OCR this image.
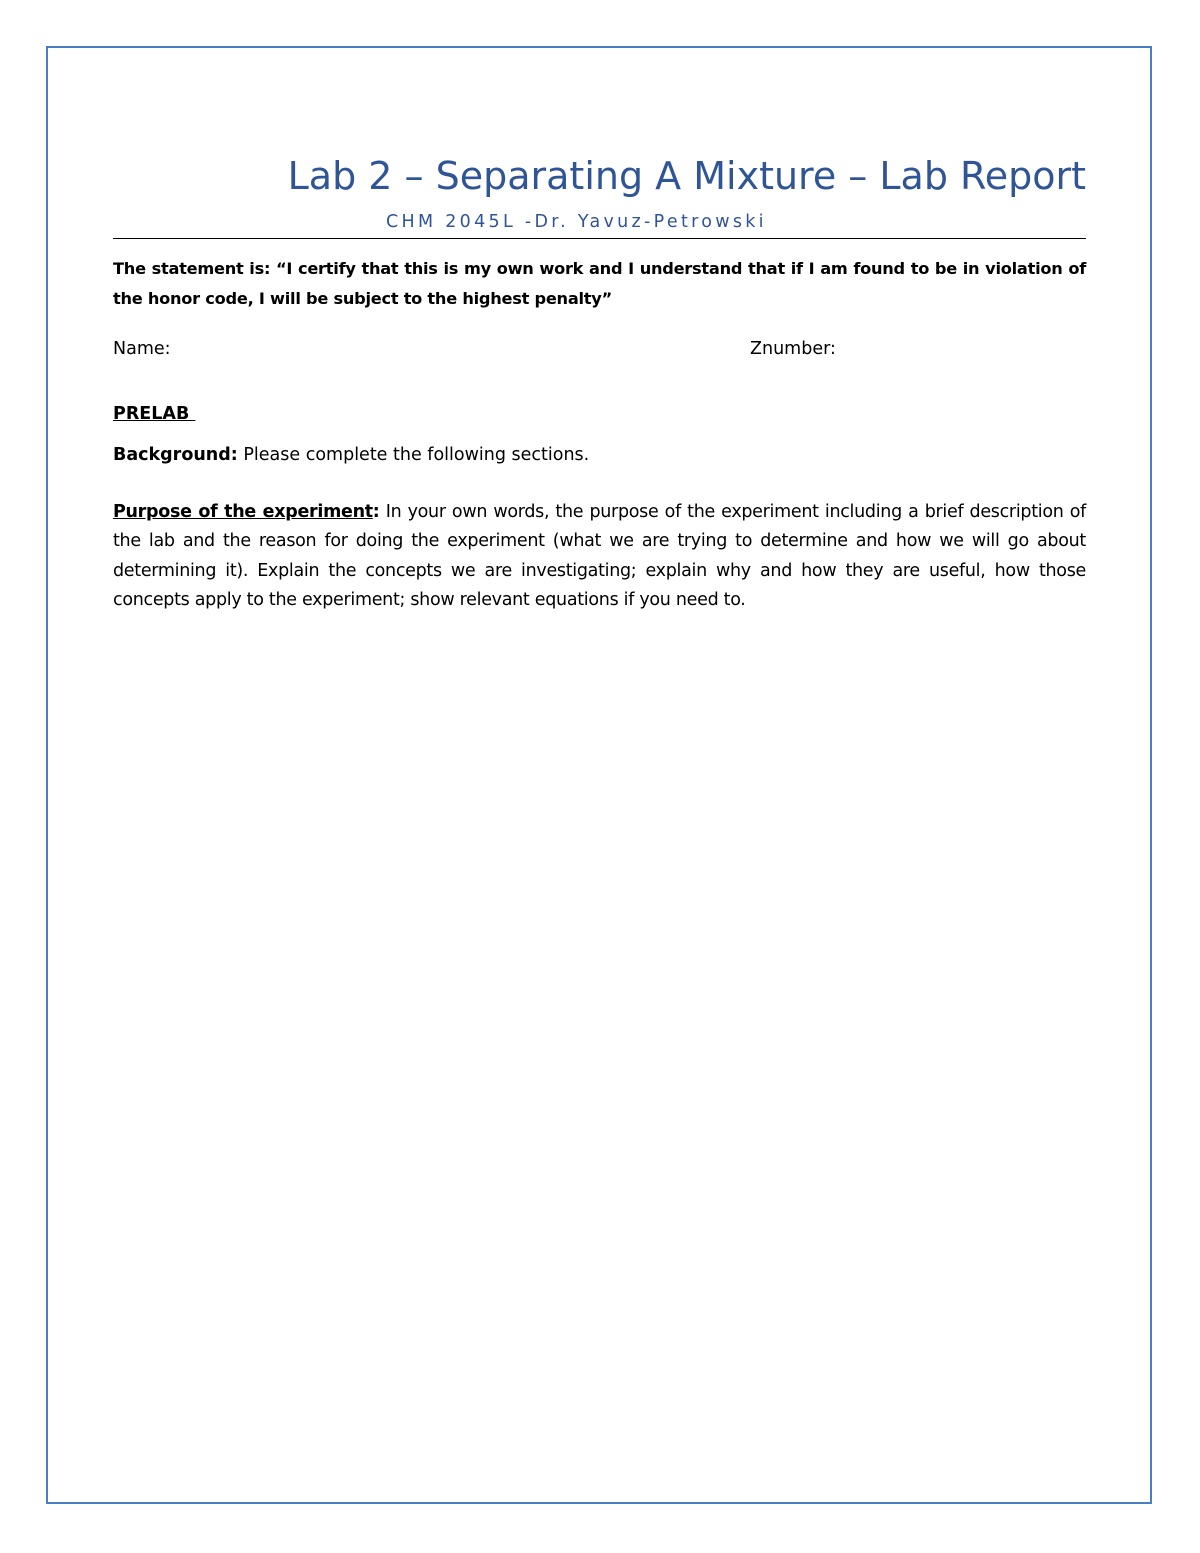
Lab 2 – Separating A Mixture – Lab Report
CHM 2045L -Dr. Yavuz-Petrowski

The statement is: “I certify that this is my own work and I understand that if I am found to be in violation of the honor code, I will be subject to the highest penalty”

Name:	Znumber:
PRELAB
Background: Please complete the following sections.

Purpose of the experiment: In your own words, the purpose of the experiment including a brief description of the lab and the reason for doing the experiment (what we are trying to determine and how we will go about determining it). Explain the concepts we are investigating; explain why and how they are useful, how those concepts apply to the experiment; show relevant equations if you need to.
